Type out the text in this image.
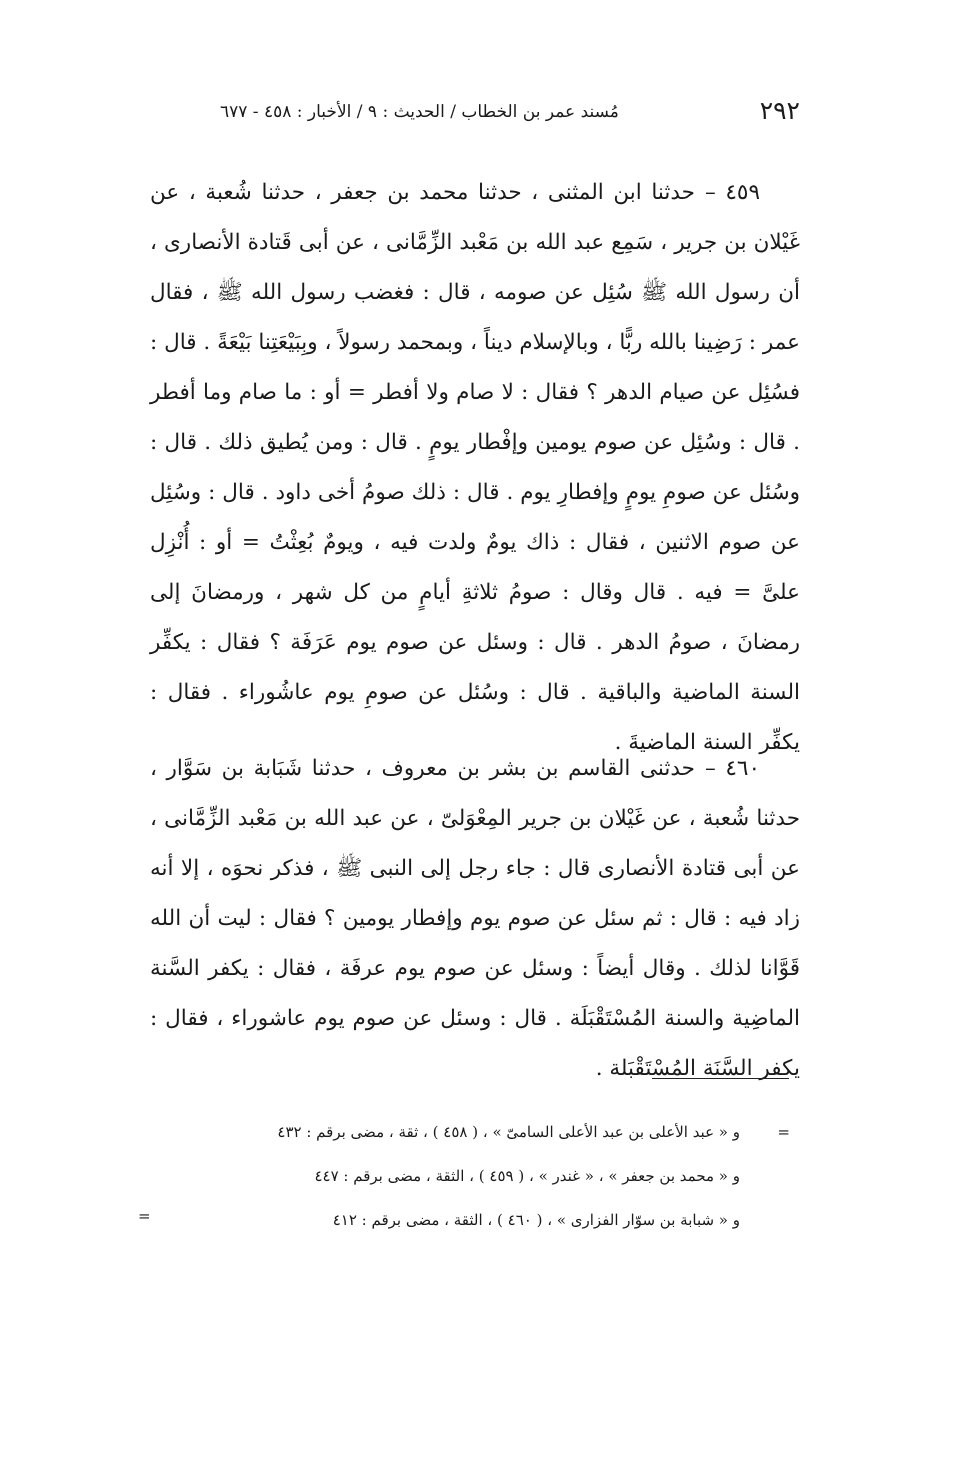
٢٩٢
مُسند عمر بن الخطاب / الحديث : ٩ / الأخبار : ٤٥٨ - ٦٧٧

٤٥٩ –حدثنا ابن المثنى ، حدثنا محمد بن جعفر ، حدثنا شُعبة ، عن غَيْلان بن جرير ، سَمِع عبد الله بن مَعْبد الزِّمَّانى ، عن أبى قَتادة الأنصارى ، أن رسول الله ﷺ سُئِل عن صومه ، قال : فغضب رسول الله ﷺ ، فقال عمر : رَضِينا بالله ربًّا ، وبالإسلام ديناً ، وبمحمد رسولاً ، وبِبَيْعَتِنا بَيْعَةً . قال : فسُئِل عن صيام الدهر ؟ فقال : لا صام ولا أفطر = أو : ما صام وما أفطر . قال : وسُئِل عن صوم يومين وإفْطار يومٍ . قال : ومن يُطيق ذلك . قال : وسُئل عن صومِ يومٍ وإفطارِ يوم . قال : ذلك صومُ أخى داود . قال : وسُئِل عن صوم الاثنين ، فقال : ذاك يومٌ ولدت فيه ، ويومٌ بُعِثْتُ = أو : أُنْزِل علىَّ = فيه . قال وقال : صومُ ثلاثةِ أيامٍ من كل شهر ، ورمضانَ إلى رمضانَ ، صومُ الدهر . قال : وسئل عن صوم يوم عَرَفَة ؟ فقال : يكفِّر السنة الماضية والباقية . قال : وسُئل عن صومِ يوم عاشُوراء . فقال : يكفِّر السنة الماضيةَ .

٤٦٠ –حدثنى القاسم بن بشر بن معروف ، حدثنا شَبَابة بن سَوَّار ، حدثنا شُعبة ، عن غَيْلان بن جرير المِعْوَلىّ ، عن عبد الله بن مَعْبد الزِّمَّانى ، عن أبى قتادة الأنصارى قال : جاء رجل إلى النبى ﷺ ، فذكر نحوَه ، إلا أنه زاد فيه : قال : ثم سئل عن صوم يوم وإفطار يومين ؟ فقال : ليت أن الله قَوَّانا لذلك . وقال أيضاً : وسئل عن صوم يوم عرفَة ، فقال : يكفر السَّنة الماضِية والسنة المُسْتَقْبَلَة . قال : وسئل عن صوم يوم عاشوراء ، فقال : يكفر السَّنَة المُسْتَقْبَلة .

=
و « عبد الأعلى بن عبد الأعلى السامىّ » ، ( ٤٥٨ ) ، ثقة ، مضى برقم : ٤٣٢
و « محمد بن جعفر » ، « غندر » ، ( ٤٥٩ ) ، الثقة ، مضى برقم : ٤٤٧
و « شبابة بن سوّار الفزارى » ، ( ٤٦٠ ) ، الثقة ، مضى برقم : ٤١٢
=
